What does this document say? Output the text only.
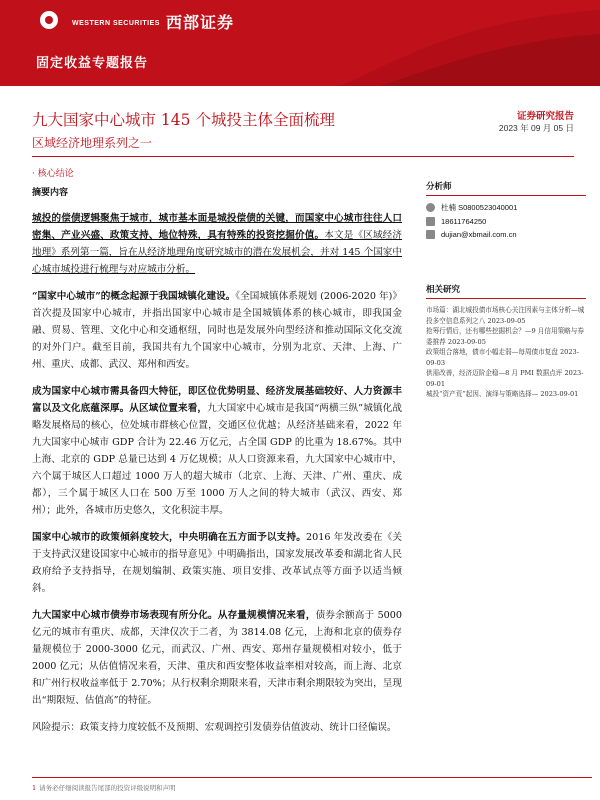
WESTERN SECURITIES 西部证券
固定收益专题报告
九大国家中心城市 145 个城投主体全面梳理
区域经济地理系列之一
证券研究报告
2023 年 09 月 05 日
· 核心结论
摘要内容

城投的偿债逻辑聚焦于城市，城市基本面是城投偿债的关键，而国家中心城市往往人口密集、产业兴盛、政策支持、地位特殊，具有特殊的投资挖掘价值。本文是《区域经济地理》系列第一篇，旨在从经济地理角度研究城市的潜在发展机会，并对 145 个国家中心城市城投进行梳理与对应城市分析。

“国家中心城市”的概念起源于我国城镇化建设。《全国城镇体系规划 (2006-2020 年)》首次提及国家中心城市，并指出国家中心城市是全国城镇体系的核心城市，即我国金融、贸易、管理、文化中心和交通枢纽，同时也是发展外向型经济和推动国际文化交流的对外门户。截至目前，我国共有九个国家中心城市，分别为北京、天津、上海、广州、重庆、成都、武汉、郑州和西安。

成为国家中心城市需具备四大特征，即区位优势明显、经济发展基础较好、人力资源丰富以及文化底蕴深厚。从区域位置来看，九大国家中心城市是我国“两横三纵”城镇化战略发展格局的核心，位处城市群核心位置，交通区位优越；从经济基础来看，2022 年九大国家中心城市 GDP 合计为 22.46 万亿元，占全国 GDP 的比重为 18.67%。其中上海、北京的 GDP 总量已达到 4 万亿规模；从人口资源来看，九大国家中心城市中，六个属于城区人口超过 1000 万人的超大城市（北京、上海、天津、广州、重庆、成都），三个属于城区人口在 500 万至 1000 万人之间的特大城市（武汉、西安、郑州）；此外，各城市历史悠久，文化积淀丰厚。

国家中心城市的政策倾斜度较大，中央明确在五方面予以支持。2016 年发改委在《关于支持武汉建设国家中心城市的指导意见》中明确指出，国家发展改革委和湖北省人民政府给予支持指导，在规划编制、政策实施、项目安排、改革试点等方面予以适当倾斜。

九大国家中心城市债券市场表现有所分化。从存量规模情况来看，债券余额高于 5000 亿元的城市有重庆、成都，天津仅次于二者，为 3814.08 亿元，上海和北京的债券存量规模位于 2000-3000 亿元，而武汉、广州、西安、郑州存量规模相对较小，低于 2000 亿元；从估值情况来看，天津、重庆和西安整体收益率相对较高，而上海、北京和广州行权收益率低于 2.70%；从行权剩余期限来看，天津市剩余期限较为突出，呈现出“期限短、估值高”的特征。

风险提示：政策支持力度较低不及预期、宏观调控引发债券估值波动、统计口径偏误。

分析师
杜楠 S0800523040001
18611764250
dujian@xbmail.com.cn
相关研究

市场篇：湖北城投债市场核心关注因素与主体分析—城投多空信息系列之八 2023-09-05

抢筹行情后，还有哪些挖掘机会？—9 月信用策略与券委推荐 2023-09-05

政策组合落地，债市小幅走弱—每周债市复盘 2023-09-03

供需改善，经济迈阶企稳—8 月 PMI 数据点评 2023-09-01

城投“资产荒”起因、演绎与策略选择— 2023-09-01

1 请务必仔细阅读报告尾部的投资评级说明和声明
